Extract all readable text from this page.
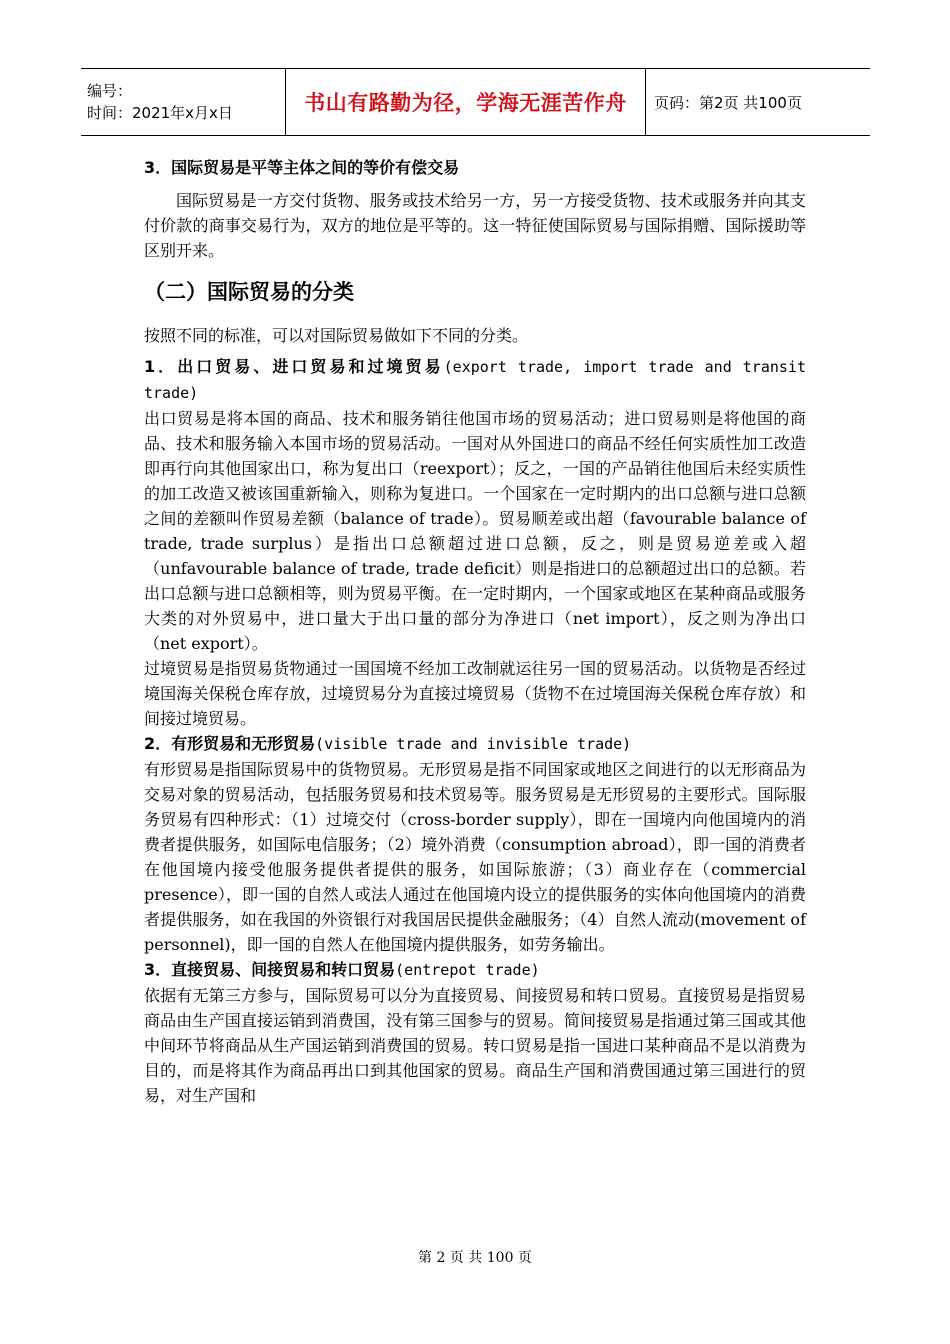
编号：
时间：2021年x月x日	书山有路勤为径，学海无涯苦作舟	页码：第2页 共100页

3．国际贸易是平等主体之间的等价有偿交易

国际贸易是一方交付货物、服务或技术给另一方，另一方接受货物、技术或服务并向其支付价款的商事交易行为，双方的地位是平等的。这一特征使国际贸易与国际捐赠、国际援助等区别开来。

（二）国际贸易的分类

按照不同的标准，可以对国际贸易做如下不同的分类。

1．出口贸易、进口贸易和过境贸易(export trade, import trade and transit trade)

出口贸易是将本国的商品、技术和服务销往他国市场的贸易活动；进口贸易则是将他国的商品、技术和服务输入本国市场的贸易活动。一国对从外国进口的商品不经任何实质性加工改造即再行向其他国家出口，称为复出口（reexport）；反之，一国的产品销往他国后未经实质性的加工改造又被该国重新输入，则称为复进口。一个国家在一定时期内的出口总额与进口总额之间的差额叫作贸易差额（balance of trade）。贸易顺差或出超（favourable balance of trade, trade surplus）是指出口总额超过进口总额，反之，则是贸易逆差或入超（unfavourable balance of trade, trade deficit）则是指进口的总额超过出口的总额。若出口总额与进口总额相等，则为贸易平衡。在一定时期内，一个国家或地区在某种商品或服务大类的对外贸易中，进口量大于出口量的部分为净进口（net import），反之则为净出口（net export）。

过境贸易是指贸易货物通过一国国境不经加工改制就运往另一国的贸易活动。以货物是否经过境国海关保税仓库存放，过境贸易分为直接过境贸易（货物不在过境国海关保税仓库存放）和间接过境贸易。

2．有形贸易和无形贸易(visible trade and invisible trade)

有形贸易是指国际贸易中的货物贸易。无形贸易是指不同国家或地区之间进行的以无形商品为交易对象的贸易活动，包括服务贸易和技术贸易等。服务贸易是无形贸易的主要形式。国际服务贸易有四种形式：（1）过境交付（cross-border supply），即在一国境内向他国境内的消费者提供服务，如国际电信服务；（2）境外消费（consumption abroad），即一国的消费者在他国境内接受他服务提供者提供的服务，如国际旅游；（3）商业存在（commercial presence），即一国的自然人或法人通过在他国境内设立的提供服务的实体向他国境内的消费者提供服务，如在我国的外资银行对我国居民提供金融服务；（4）自然人流动(movement of personnel)，即一国的自然人在他国境内提供服务，如劳务输出。

3．直接贸易、间接贸易和转口贸易(entrepot trade)

依据有无第三方参与，国际贸易可以分为直接贸易、间接贸易和转口贸易。直接贸易是指贸易商品由生产国直接运销到消费国，没有第三国参与的贸易。简间接贸易是指通过第三国或其他中间环节将商品从生产国运销到消费国的贸易。转口贸易是指一国进口某种商品不是以消费为目的，而是将其作为商品再出口到其他国家的贸易。商品生产国和消费国通过第三国进行的贸易，对生产国和

第 2 页 共 100 页
